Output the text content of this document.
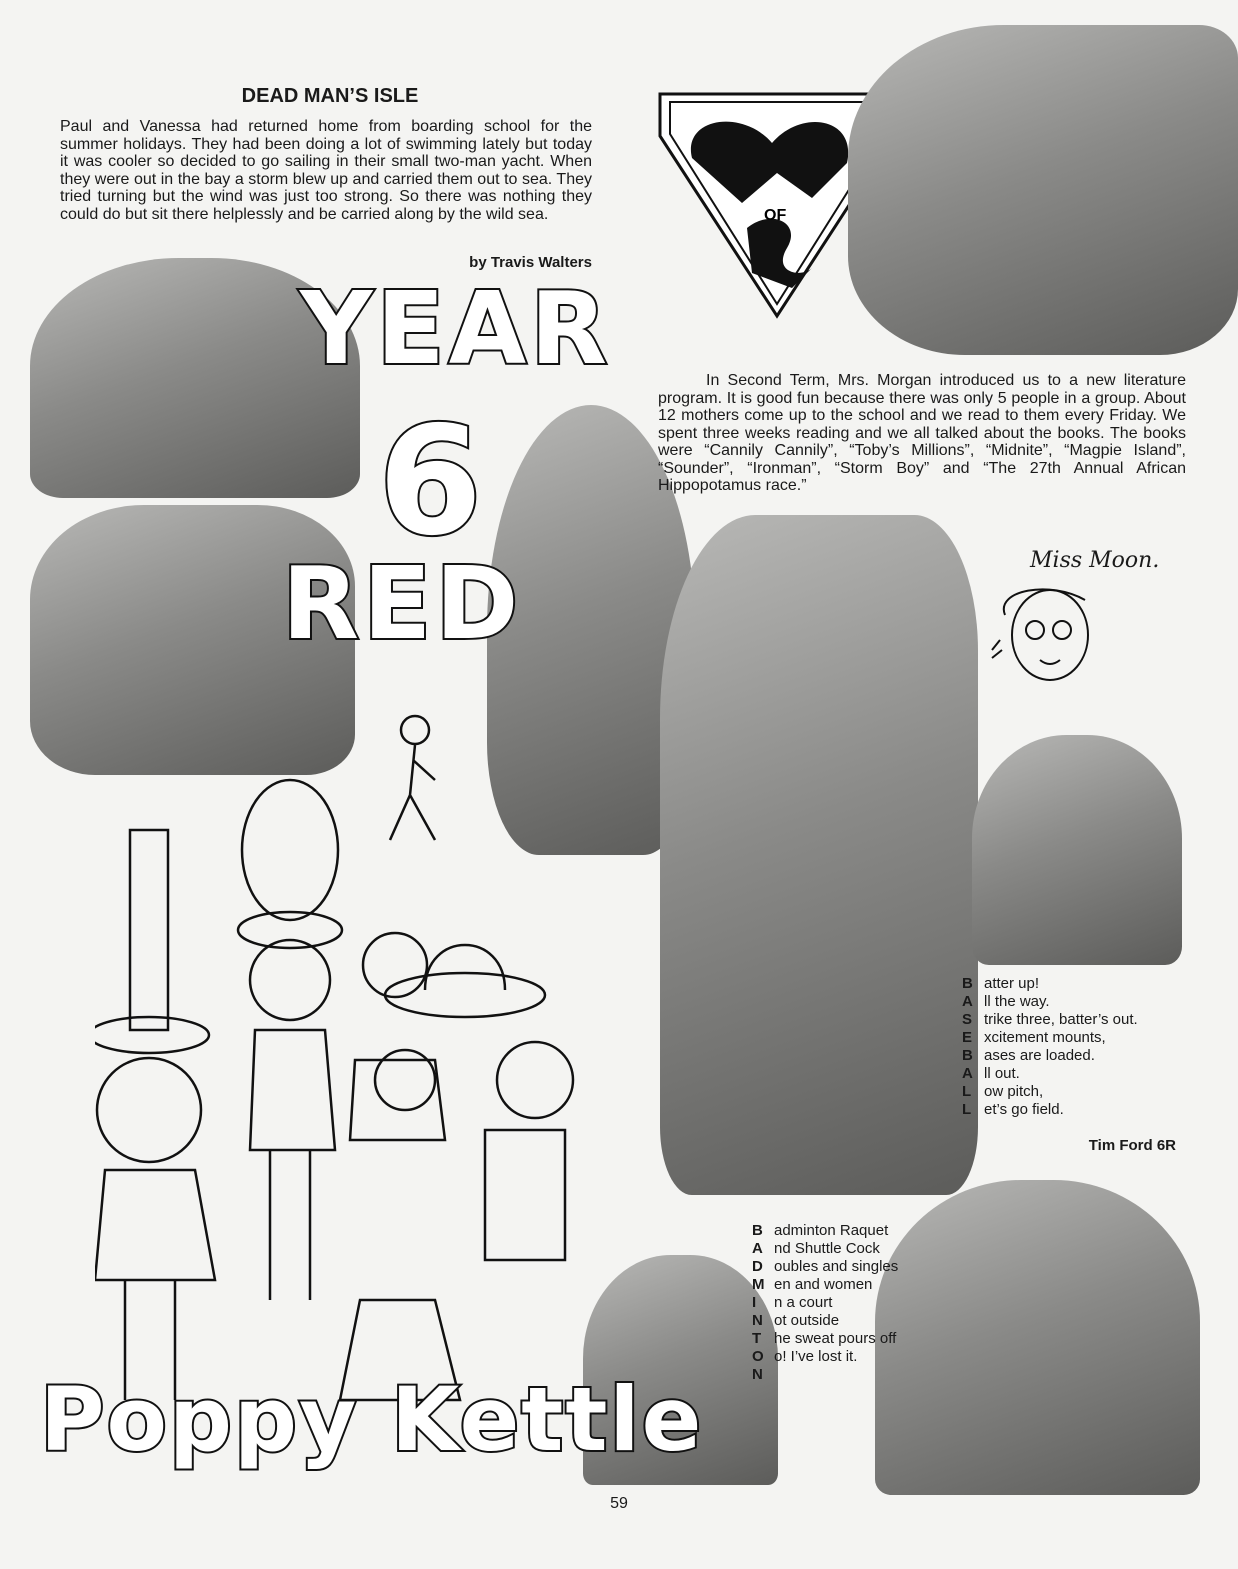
DEAD MAN’S ISLE
Paul and Vanessa had returned home from boarding school for the summer holidays. They had been doing a lot of swimming lately but today it was cooler so decided to go sailing in their small two-man yacht. When they were out in the bay a storm blew up and carried them out to sea. They tried turning but the wind was just too strong. So there was nothing they could do but sit there helplessly and be carried along by the wild sea.
by Travis Walters
OF
YEAR
6
RED
In Second Term, Mrs. Morgan introduced us to a new literature program. It is good fun because there was only 5 people in a group. About 12 mothers come up to the school and we read to them every Friday. We spent three weeks reading and we all talked about the books. The books were “Cannily Cannily”, “Toby’s Millions”, “Midnite”, “Magpie Island”, “Sounder”, “Ironman”, “Storm Boy” and “The 27th Annual African Hippopotamus race.”
Miss Moon.
B atter up!
A ll the way.
S trike three, batter’s out.
E xcitement mounts,
B ases are loaded.
A ll out.
L ow pitch,
L et’s go field.
Tim Ford 6R
B adminton Raquet
A nd Shuttle Cock
D oubles and singles
M en and women
I	n a court
N ot outside
T he sweat pours off
O o! I’ve lost it.
N
Poppy Kettle
59
